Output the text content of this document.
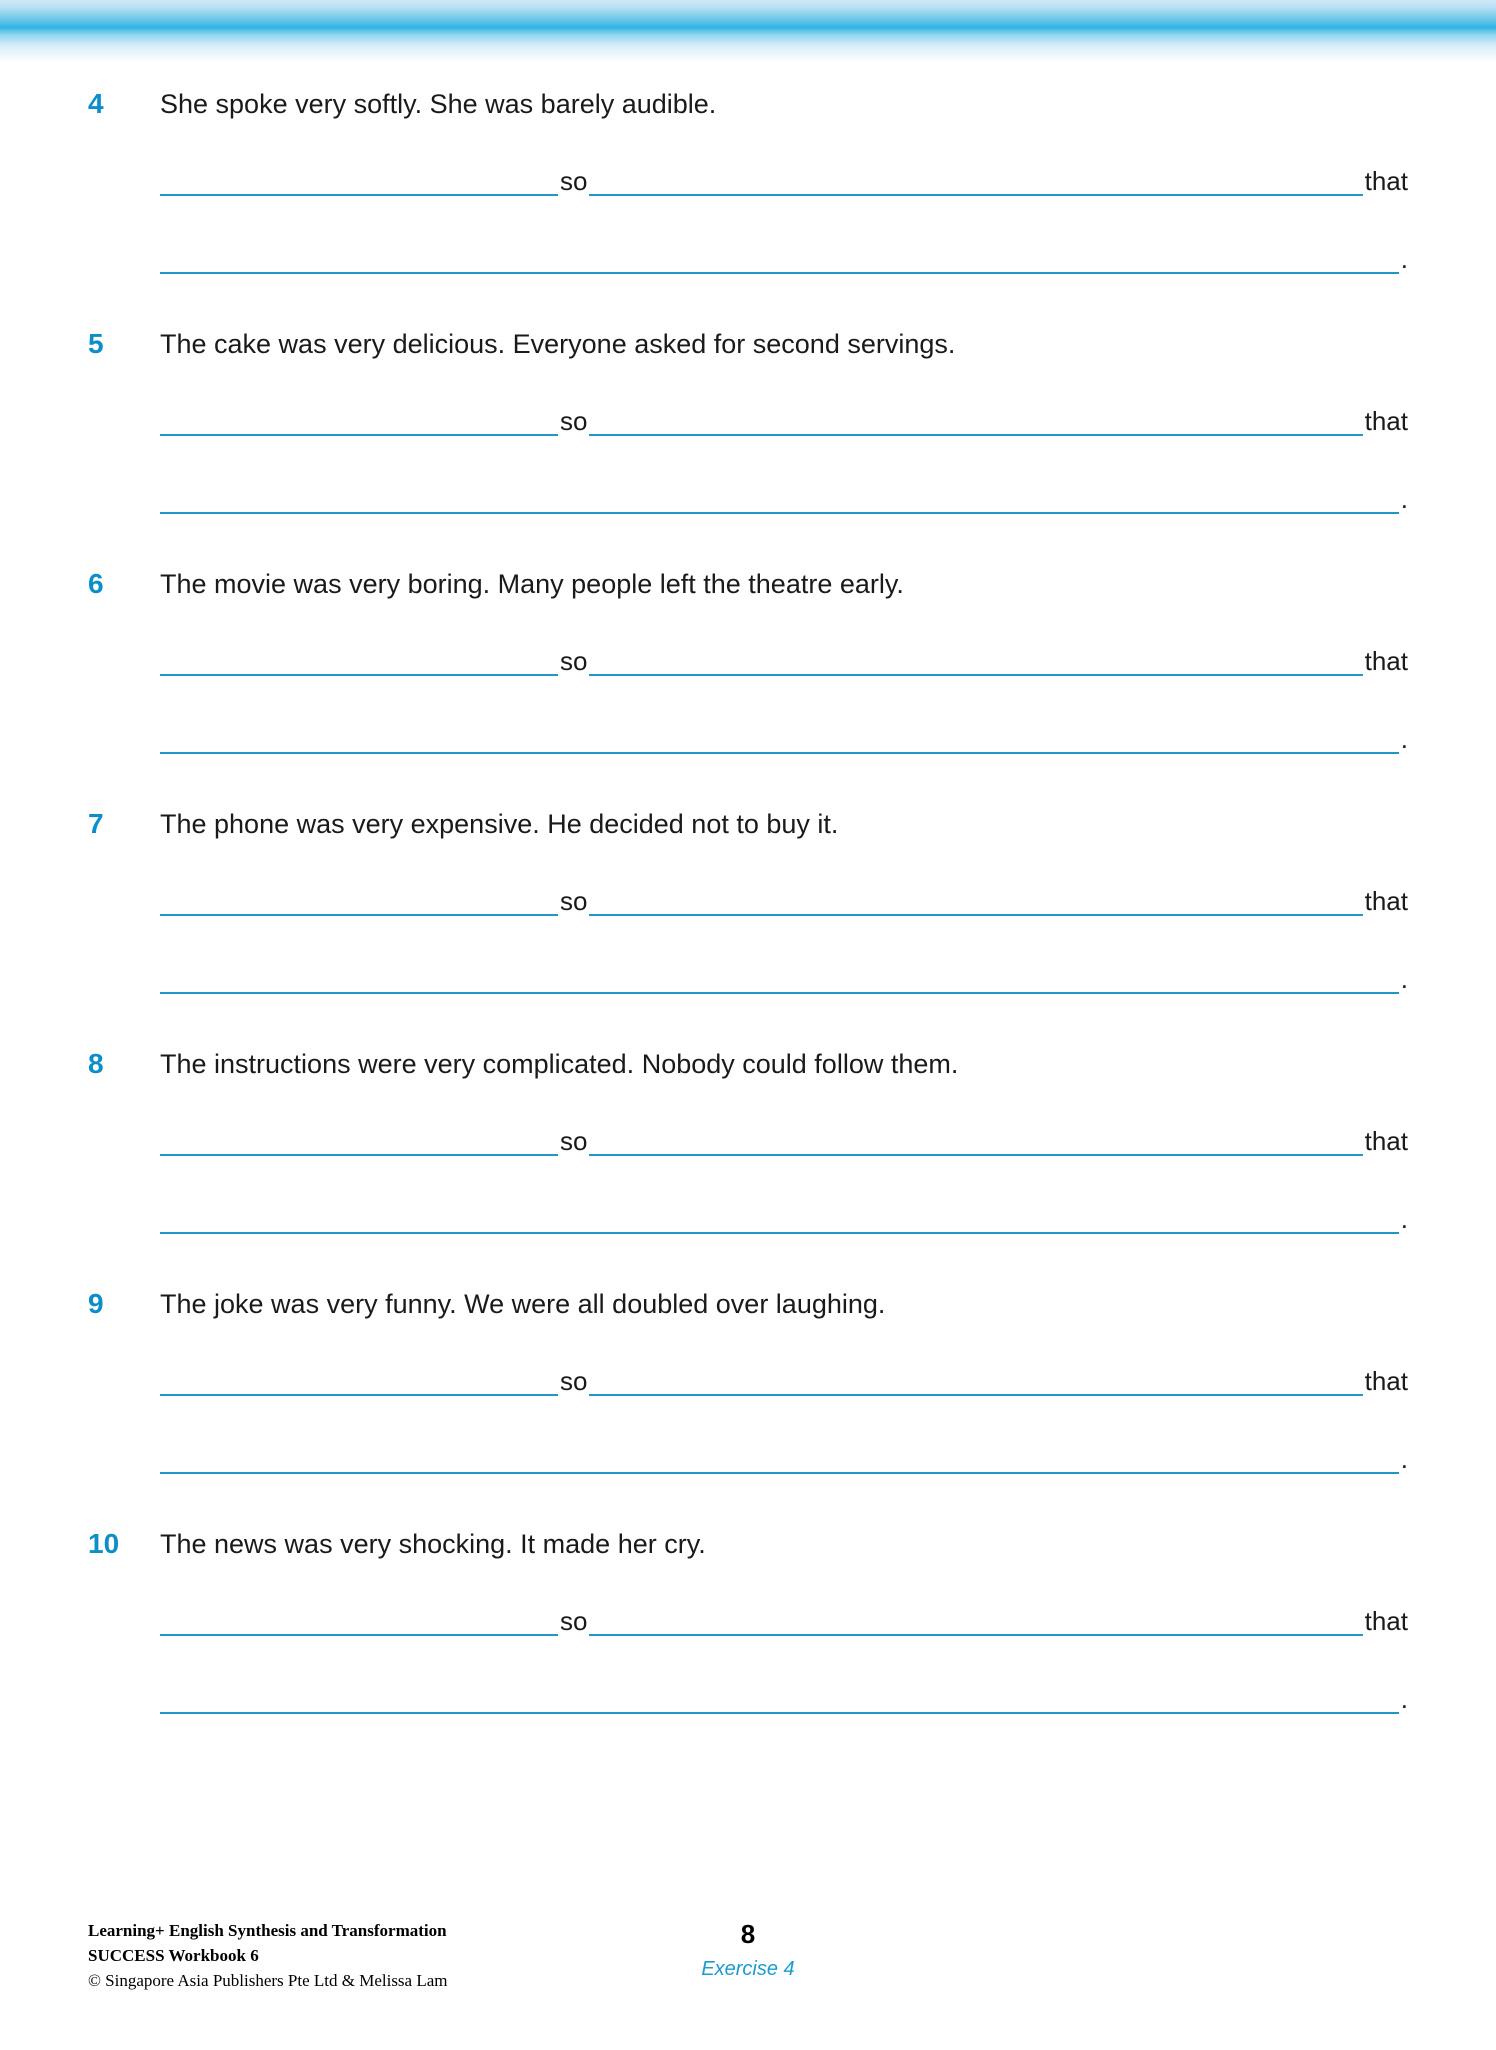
4	She spoke very softly. She was barely audible.
so	that
.
5	The cake was very delicious. Everyone asked for second servings.
so	that
.
6	The movie was very boring. Many people left the theatre early.
so	that
.
7	The phone was very expensive. He decided not to buy it.
so	that
.
8	The instructions were very complicated. Nobody could follow them.
so	that
.
9	The joke was very funny. We were all doubled over laughing.
so	that
.
10	The news was very shocking. It made her cry.
so	that
.
Learning+ English Synthesis and Transformation
SUCCESS Workbook 6
© Singapore Asia Publishers Pte Ltd & Melissa Lam
8
Exercise 4
